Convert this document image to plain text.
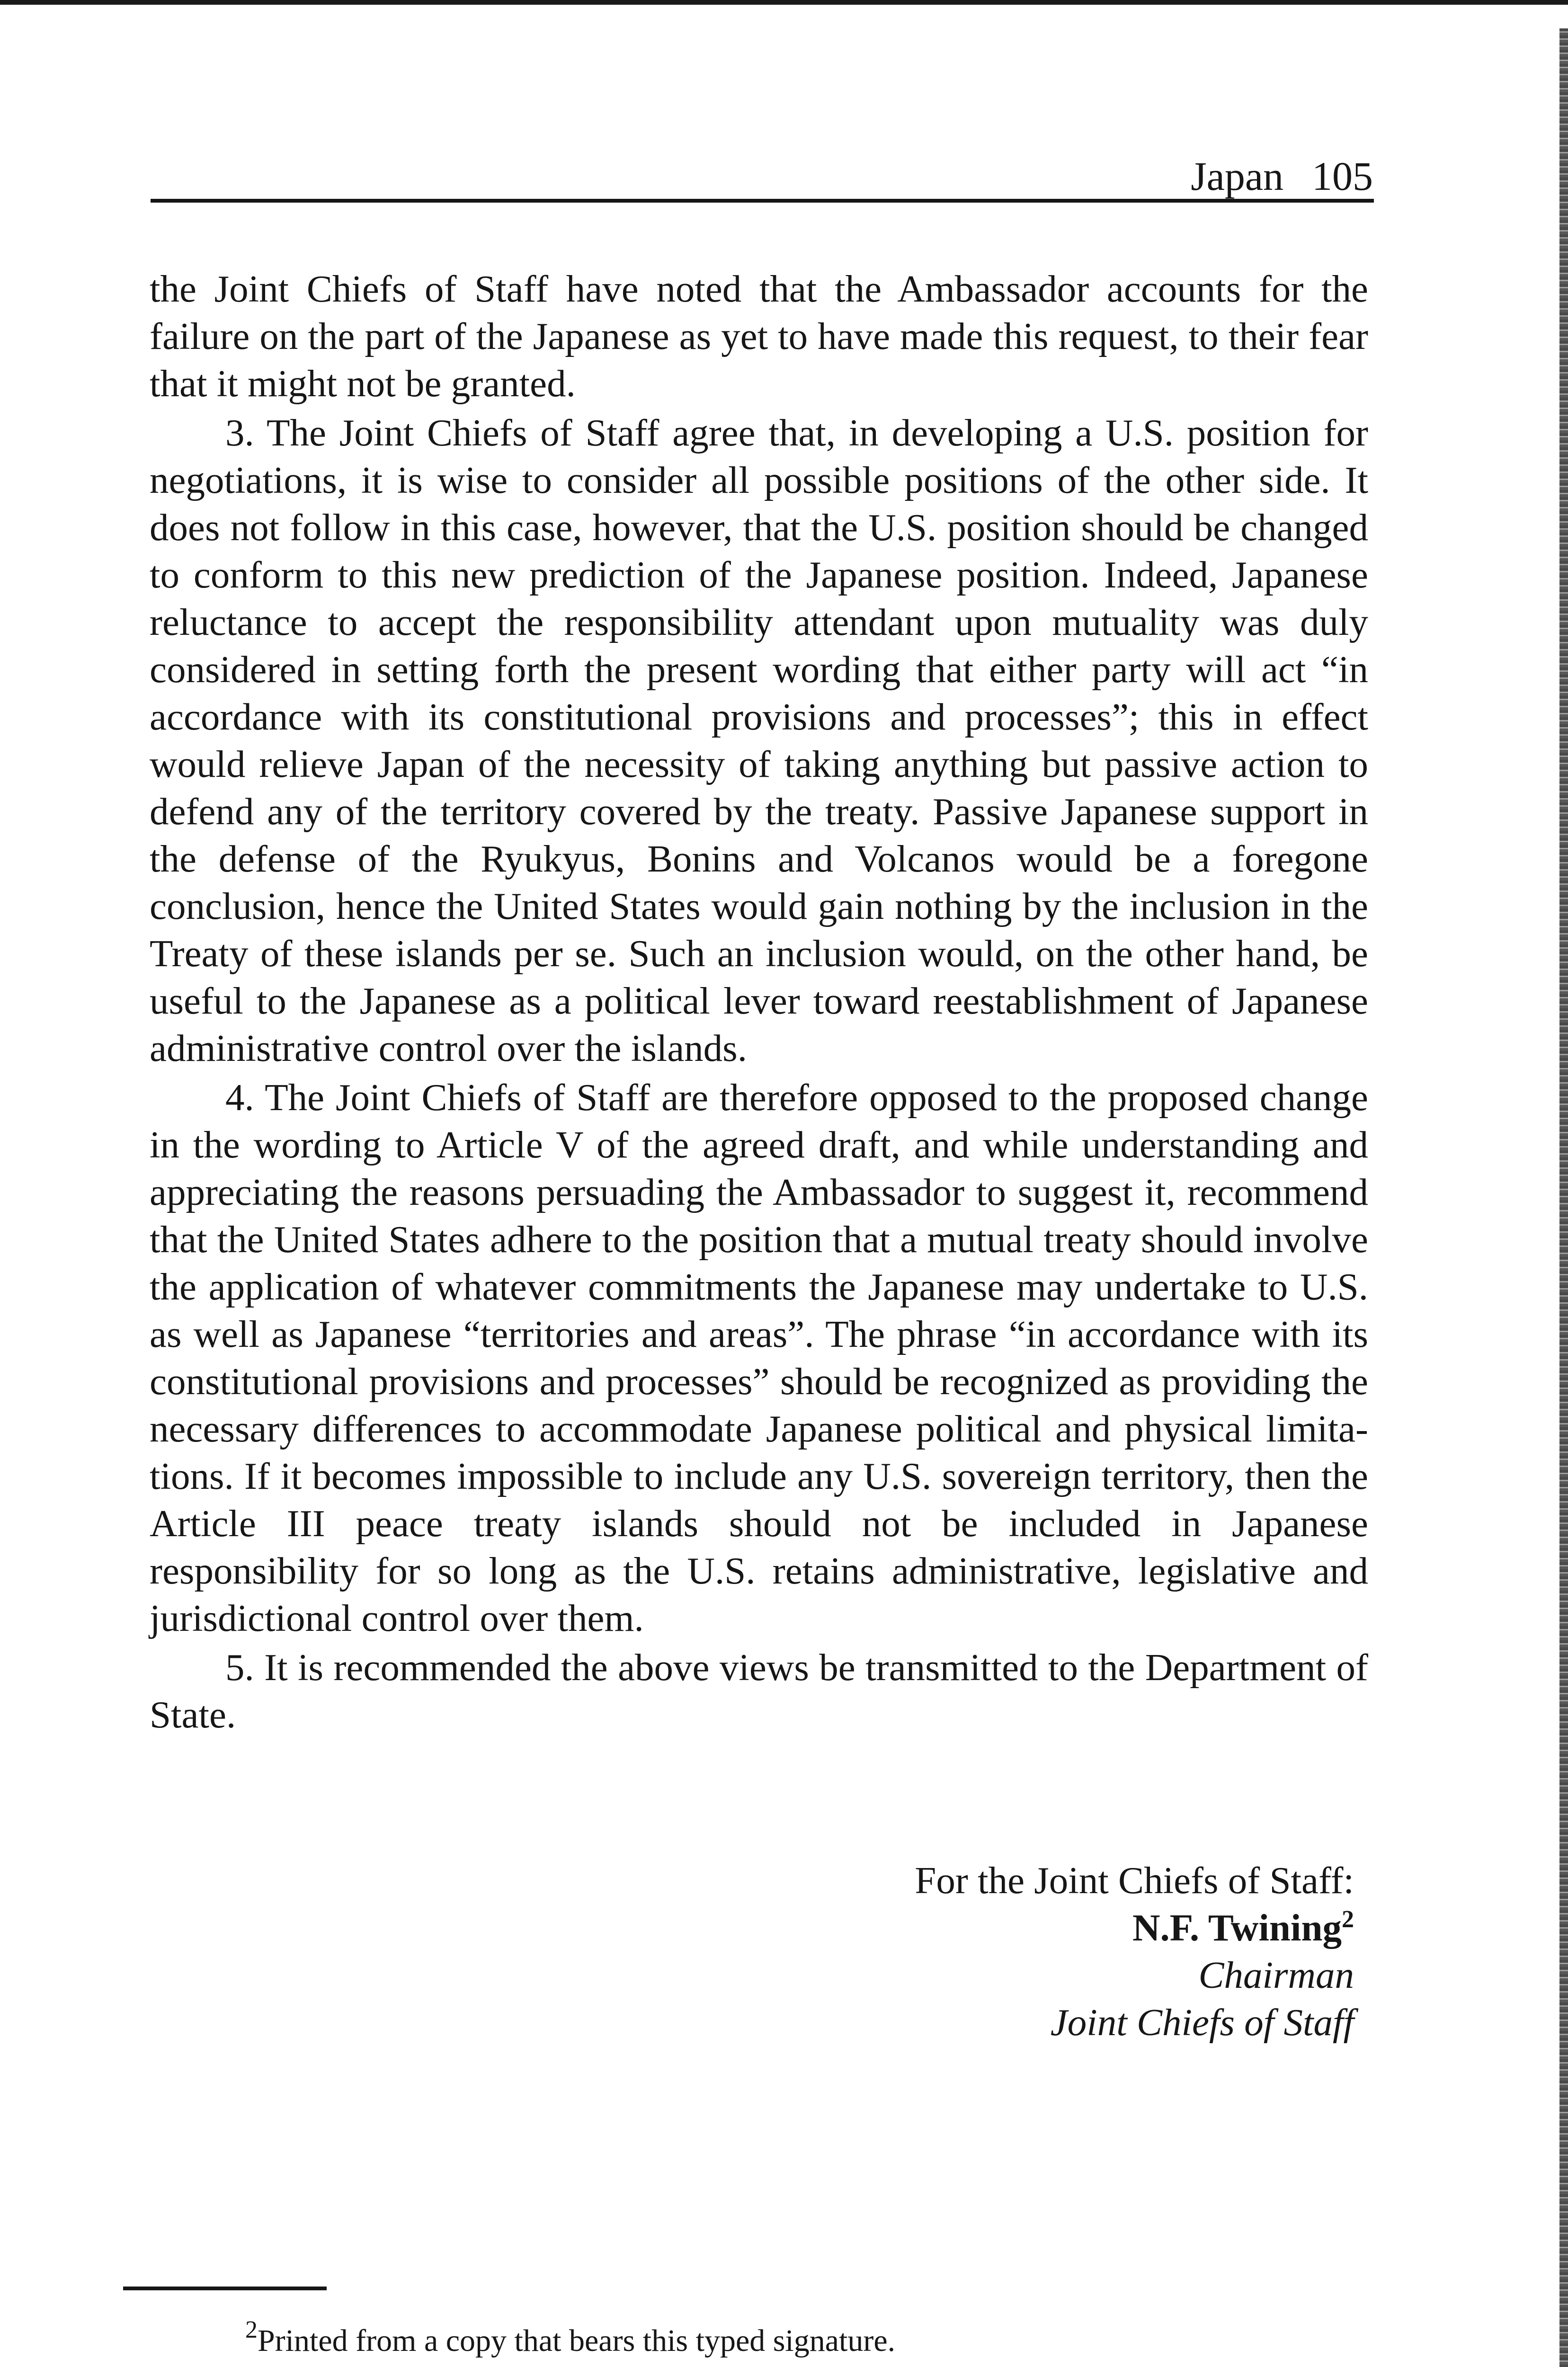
Japan 105

the Joint Chiefs of Staff have noted that the Ambassador accounts for the failure on the part of the Japanese as yet to have made this request, to their fear that it might not be granted.

3. The Joint Chiefs of Staff agree that, in developing a U.S. position for negotiations, it is wise to consider all possible positions of the other side. It does not follow in this case, however, that the U.S. position should be changed to conform to this new prediction of the Japanese position. Indeed, Japanese reluctance to accept the responsibility attendant upon mutuality was duly considered in setting forth the present wording that either party will act “in accordance with its constitutional provisions and processes”; this in effect would relieve Japan of the necessity of taking anything but passive action to defend any of the territory covered by the treaty. Passive Japanese support in the defense of the Ryukyus, Bonins and Volcanos would be a foregone conclusion, hence the United States would gain nothing by the inclusion in the Treaty of these islands per se. Such an inclusion would, on the other hand, be useful to the Japanese as a political lever toward reestablishment of Japanese administrative control over the islands.

4. The Joint Chiefs of Staff are therefore opposed to the proposed change in the wording to Article V of the agreed draft, and while understanding and appreciating the reasons persuading the Ambassador to suggest it, recommend that the United States adhere to the position that a mutual treaty should involve the application of whatever commitments the Japanese may undertake to U.S. as well as Japanese “territories and areas”. The phrase “in accordance with its constitutional provisions and processes” should be recognized as providing the necessary differences to accommodate Japanese political and physical limitations. If it becomes impossible to include any U.S. sovereign territory, then the Article III peace treaty islands should not be included in Japanese responsibility for so long as the U.S. retains administrative, legislative and jurisdictional control over them.

5. It is recommended the above views be transmitted to the Department of State.

For the Joint Chiefs of Staff:
N.F. Twining$^2$
Chairman
Joint Chiefs of Staff
$^2$Printed from a copy that bears this typed signature.
